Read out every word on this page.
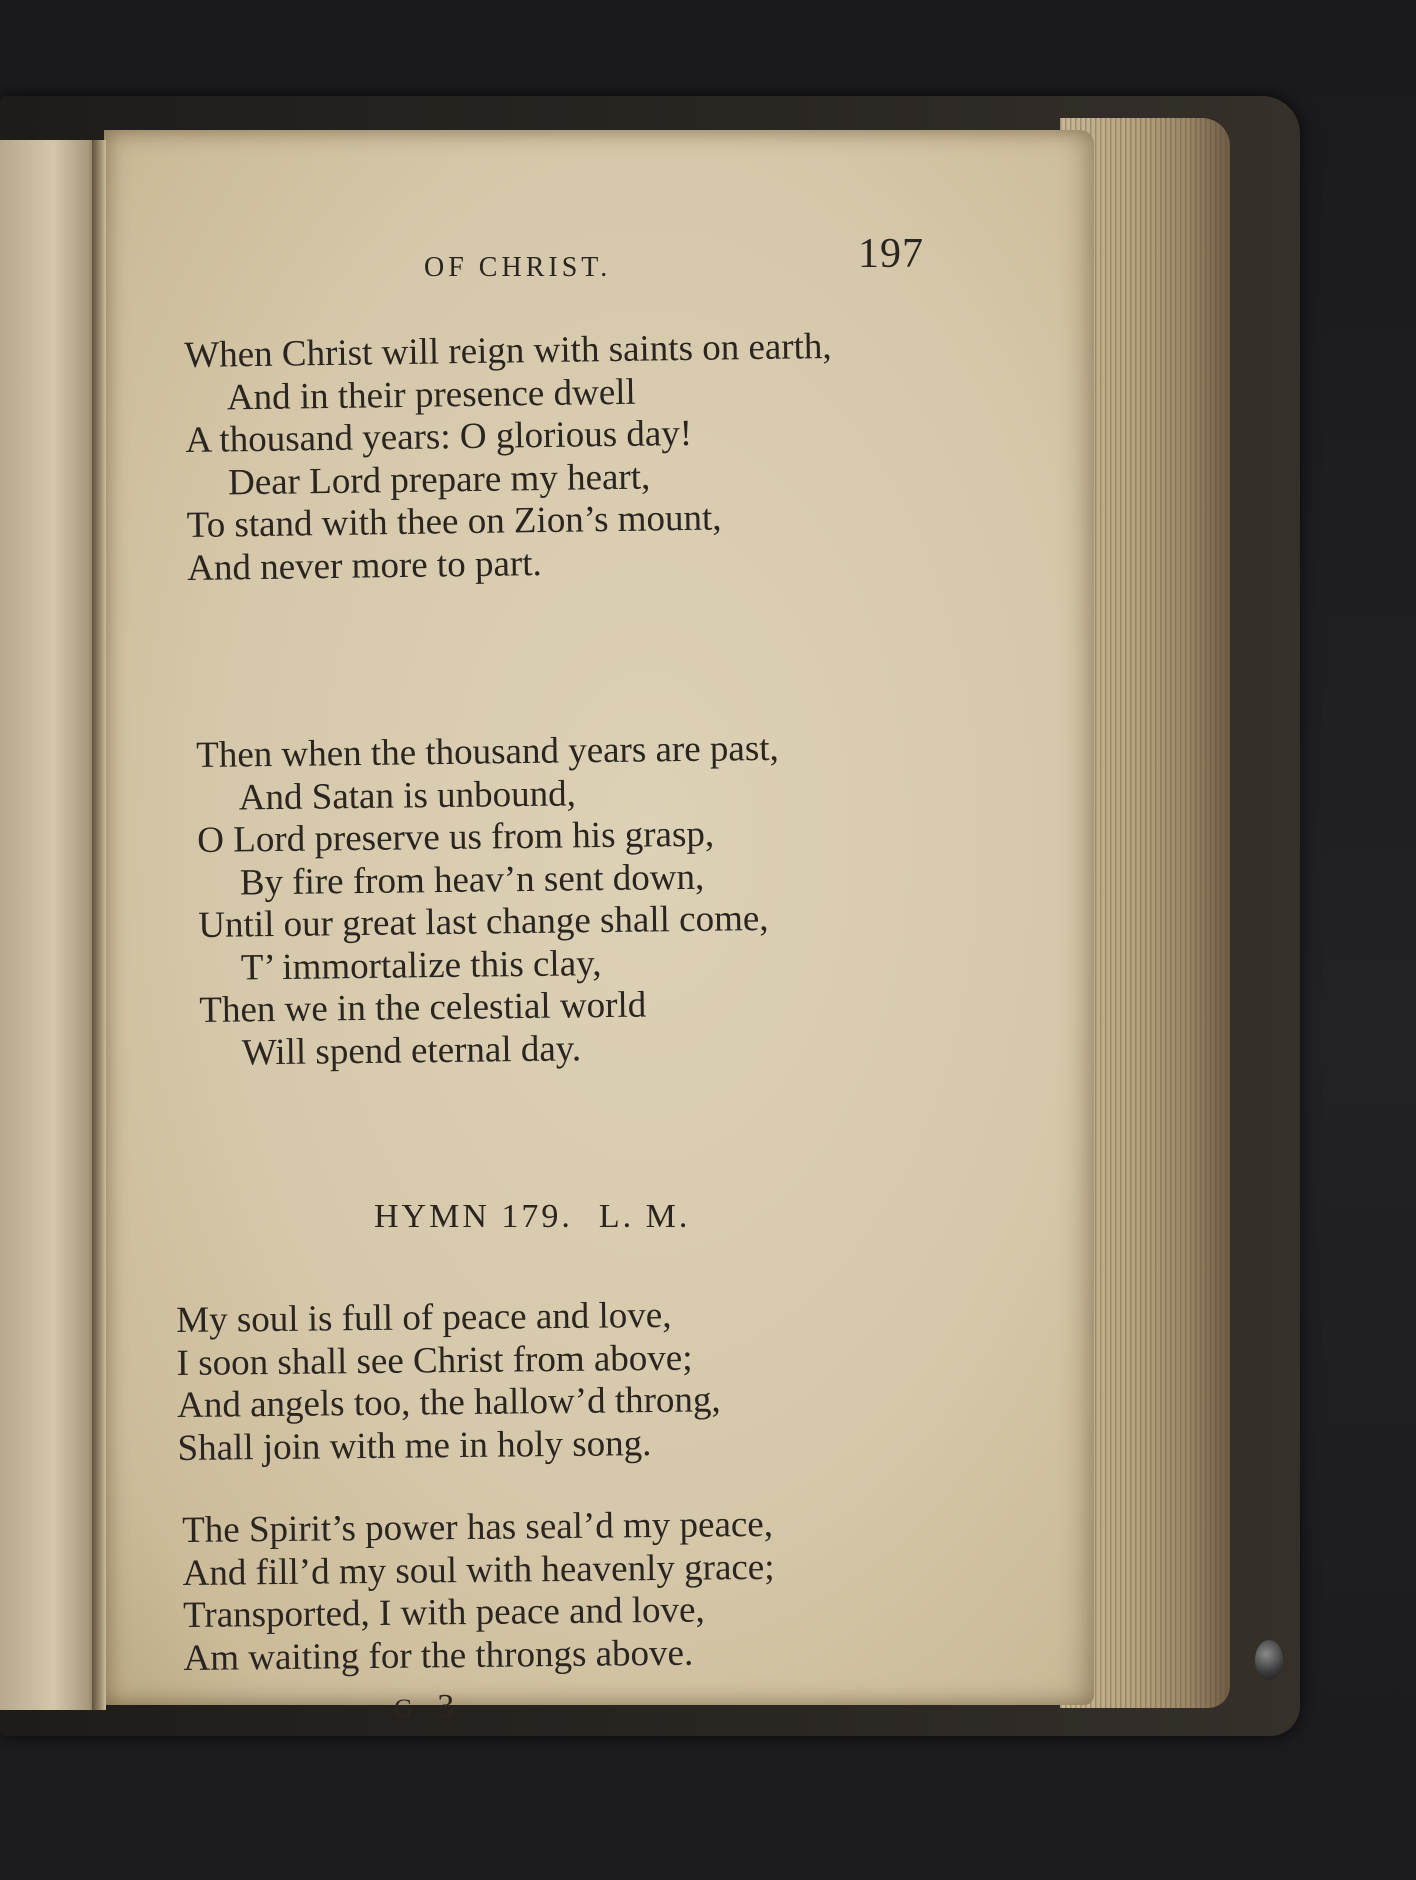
OF CHRIST.	197
When Christ will reign with saints on earth,
And in their presence dwell
A thousand years: O glorious day!
Dear Lord prepare my heart,
To stand with thee on Zion’s mount,
And never more to part.
Then when the thousand years are past,
And Satan is unbound,
O Lord preserve us from his grasp,
By fire from heav’n sent down,
Until our great last change shall come,
T’ immortalize this clay,
Then we in the celestial world
Will spend eternal day.
HYMN 179. L. M.
My soul is full of peace and love,
I soon shall see Christ from above;
And angels too, the hallow’d throng,
Shall join with me in holy song.
The Spirit’s power has seal’d my peace,
And fill’d my soul with heavenly grace;
Transported, I with peace and love,
Am waiting for the throngs above.
G 3
